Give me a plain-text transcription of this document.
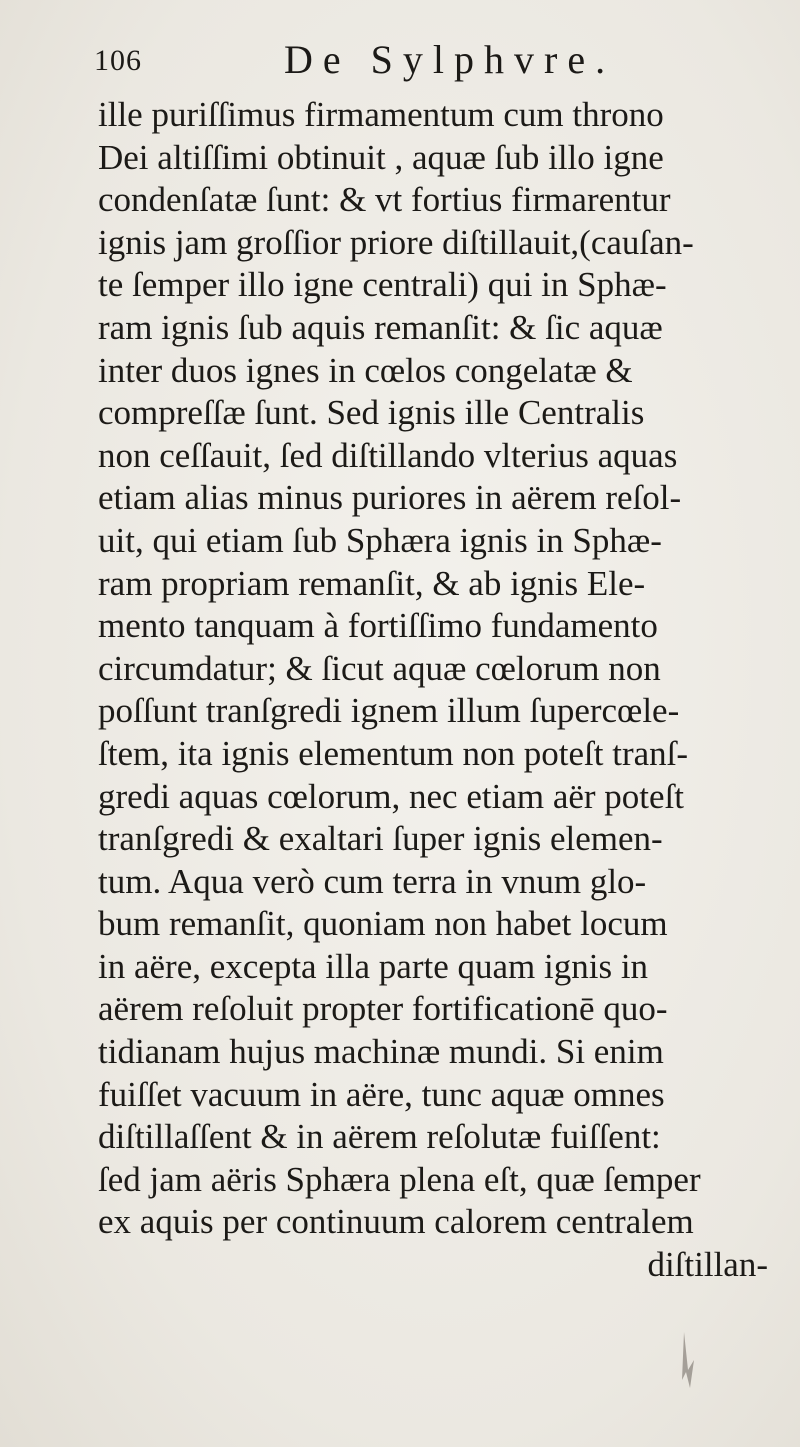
106	De Sylphvre.
ille puriſſimus firmamentum cum throno
Dei altiſſimi obtinuit , aquæ ſub illo igne
condenſatæ ſunt: & vt fortius firmarentur
ignis jam groſſior priore diſtillauit,(cauſan-
te ſemper illo igne centrali) qui in Sphæ-
ram ignis ſub aquis remanſit: & ſic aquæ
inter duos ignes in cœlos congelatæ &
compreſſæ ſunt. Sed ignis ille Centralis
non ceſſauit, ſed diſtillando vlterius aquas
etiam alias minus puriores in aërem reſol-
uit, qui etiam ſub Sphæra ignis in Sphæ-
ram propriam remanſit, & ab ignis Ele-
mento tanquam à fortiſſimo fundamento
circumdatur; & ſicut aquæ cœlorum non
poſſunt tranſgredi ignem illum ſupercœle-
ſtem, ita ignis elementum non poteſt tranſ-
gredi aquas cœlorum, nec etiam aër poteſt
tranſgredi & exaltari ſuper ignis elemen-
tum. Aqua verò cum terra in vnum glo-
bum remanſit, quoniam non habet locum
in aëre, excepta illa parte quam ignis in
aërem reſoluit propter fortificationē quo-
tidianam hujus machinæ mundi. Si enim
fuiſſet vacuum in aëre, tunc aquæ omnes
diſtillaſſent & in aërem reſolutæ fuiſſent:
ſed jam aëris Sphæra plena eſt, quæ ſemper
ex aquis per continuum calorem centralem
diſtillan-
